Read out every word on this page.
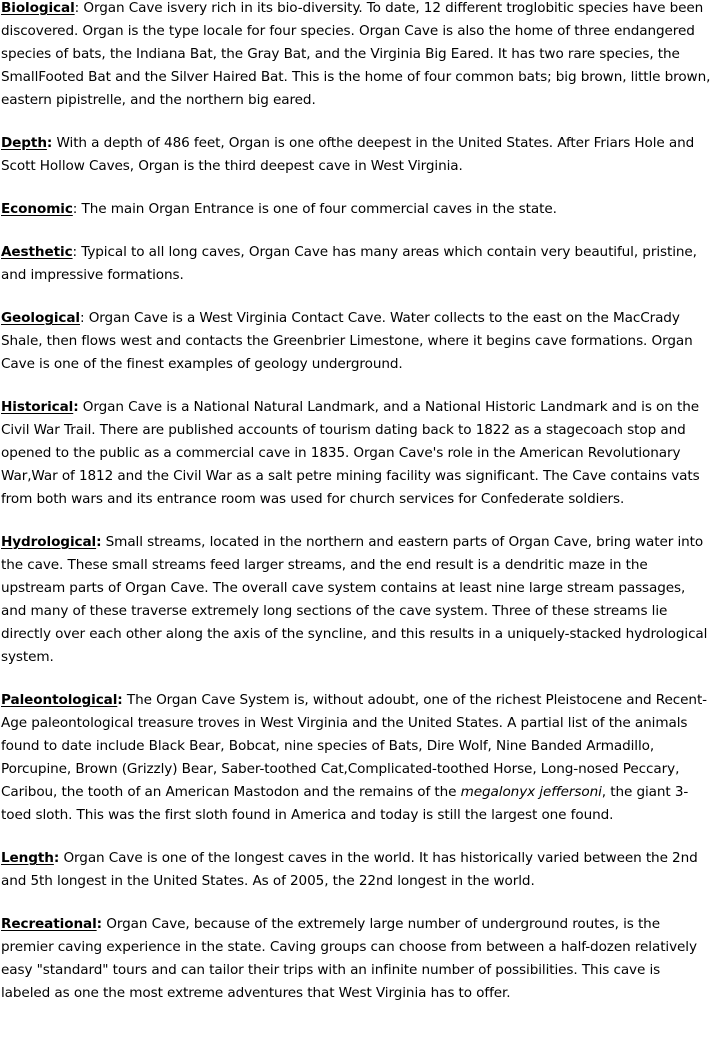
Biological: Organ Cave isvery rich in its bio-diversity. To date, 12 different troglobitic species have been discovered. Organ is the type locale for four species. Organ Cave is also the home of three endangered species of bats, the Indiana Bat, the Gray Bat, and the Virginia Big Eared. It has two rare species, the SmallFooted Bat and the Silver Haired Bat. This is the home of four common bats; big brown, little brown, eastern pipistrelle, and the northern big eared.

Depth: With a depth of 486 feet, Organ is one ofthe deepest in the United States. After Friars Hole and Scott Hollow Caves, Organ is the third deepest cave in West Virginia.

Economic: The main Organ Entrance is one of four commercial caves in the state.

Aesthetic: Typical to all long caves, Organ Cave has many areas which contain very beautiful, pristine, and impressive formations.

Geological: Organ Cave is a West Virginia Contact Cave. Water collects to the east on the MacCrady Shale, then flows west and contacts the Greenbrier Limestone, where it begins cave formations. Organ Cave is one of the finest examples of geology underground.

Historical: Organ Cave is a National Natural Landmark, and a National Historic Landmark and is on the Civil War Trail. There are published accounts of tourism dating back to 1822 as a stagecoach stop and opened to the public as a commercial cave in 1835. Organ Cave's role in the American Revolutionary War,War of 1812 and the Civil War as a salt petre mining facility was significant. The Cave contains vats from both wars and its entrance room was used for church services for Confederate soldiers.

Hydrological: Small streams, located in the northern and eastern parts of Organ Cave, bring water into the cave. These small streams feed larger streams, and the end result is a dendritic maze in the upstream parts of Organ Cave. The overall cave system contains at least nine large stream passages, and many of these traverse extremely long sections of the cave system. Three of these streams lie directly over each other along the axis of the syncline, and this results in a uniquely-stacked hydrological system.

Paleontological: The Organ Cave System is, without adoubt, one of the richest Pleistocene and Recent-Age paleontological treasure troves in West Virginia and the United States. A partial list of the animals found to date include Black Bear, Bobcat, nine species of Bats, Dire Wolf, Nine Banded Armadillo, Porcupine, Brown (Grizzly) Bear, Saber-toothed Cat,Complicated-toothed Horse, Long-nosed Peccary, Caribou, the tooth of an American Mastodon and the remains of the megalonyx jeffersoni, the giant 3-toed sloth. This was the first sloth found in America and today is still the largest one found.

Length: Organ Cave is one of the longest caves in the world. It has historically varied between the 2nd and 5th longest in the United States. As of 2005, the 22nd longest in the world.

Recreational: Organ Cave, because of the extremely large number of underground routes, is the premier caving experience in the state. Caving groups can choose from between a half-dozen relatively easy "standard" tours and can tailor their trips with an infinite number of possibilities. This cave is labeled as one the most extreme adventures that West Virginia has to offer.
